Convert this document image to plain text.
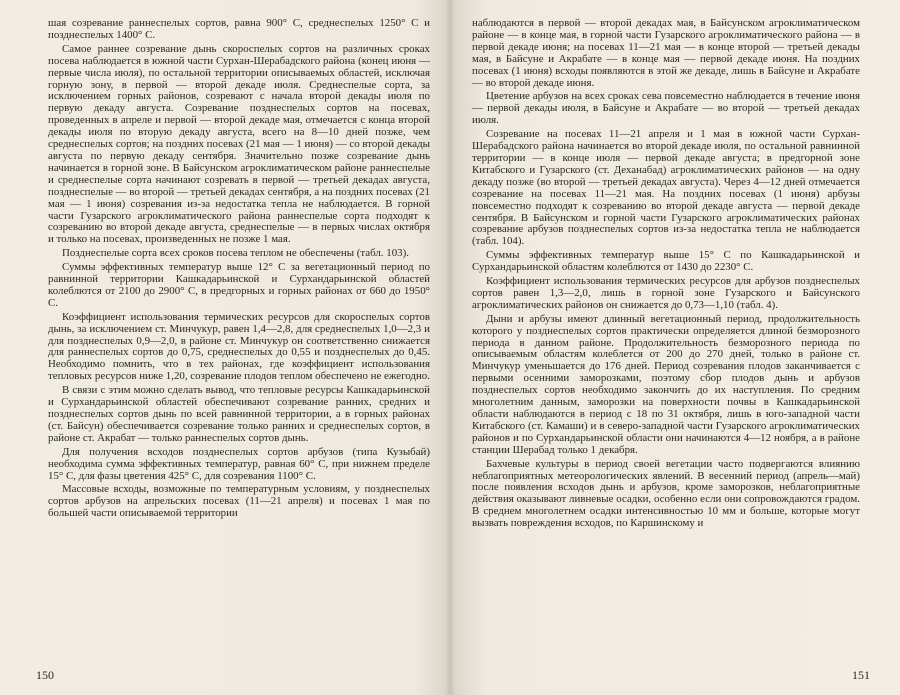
шая созревание раннеспелых сортов, равна 900° С, среднеспелых 1250° С и позднеспелых 1400° С.

Самое раннее созревание дынь скороспелых сортов на различных сроках посева наблюдается в южной части Сурхан-Шерабадского района (конец июня — первые числа июля), по остальной территории описываемых областей, исключая горную зону, в первой — второй декаде июля. Среднеспелые сорта, за исключением горных районов, созревают с начала второй декады июля по первую декаду августа. Созревание позднеспелых сортов на посевах, проведенных в апреле и первой — второй декаде мая, отмечается с конца второй декады июля по вторую декаду августа, всего на 8—10 дней позже, чем среднеспелых сортов; на поздних посевах (21 мая — 1 июня) — со второй декады августа по первую декаду сентября. Значительно позже созревание дынь начинается в горной зоне. В Байсунском агроклиматическом районе раннеспелые и среднеспелые сорта начинают созревать в первой — третьей декадах августа, позднеспелые — во второй — третьей декадах сентября, а на поздних посевах (21 мая — 1 июня) созревания из-за недостатка тепла не наблюдается. В горной части Гузарского агроклиматического района раннеспелые сорта подходят к созреванию во второй декаде августа, среднеспелые — в первых числах октября и только на посевах, произведенных не позже 1 мая.

Позднеспелые сорта всех сроков посева теплом не обеспечены (табл. 103).

Суммы эффективных температур выше 12° С за вегетационный период по равнинной территории Кашкадарьинской и Сурхандарьинской областей колеблются от 2100 до 2900° С, в предгорных и горных районах от 660 до 1950° С.

Коэффициент использования термических ресурсов для скороспелых сортов дынь, за исключением ст. Минчукур, равен 1,4—2,8, для среднеспелых 1,0—2,3 и для позднеспелых 0,9—2,0, в районе ст. Минчукур он соответственно снижается для раннеспелых сортов до 0,75, среднеспелых до 0,55 и позднеспелых до 0,45. Необходимо помнить, что в тех районах, где коэффициент использования тепловых ресурсов ниже 1,20, созревание плодов теплом обеспечено не ежегодно.

В связи с этим можно сделать вывод, что тепловые ресурсы Кашкадарьинской и Сурхандарьинской областей обеспечивают созревание ранних, средних и позднеспелых сортов дынь по всей равнинной территории, а в горных районах (ст. Байсун) обеспечивается созревание только ранних и среднеспелых сортов, в районе ст. Акрабат — только раннеспелых сортов дынь.

Для получения всходов позднеспелых сортов арбузов (типа Кузыбай) необходима сумма эффективных температур, равная 60° С, при нижнем пределе 15° С, для фазы цветения 425° С, для созревания 1100° С.

Массовые всходы, возможные по температурным условиям, у позднеспелых сортов арбузов на апрельских посевах (11—21 апреля) и посевах 1 мая по большей части описываемой территории

150

наблюдаются в первой — второй декадах мая, в Байсунском агроклиматическом районе — в конце мая, в горной части Гузарского агроклиматического района — в первой декаде июня; на посевах 11—21 мая — в конце второй — третьей декады мая, в Байсуне и Акрабате — в конце мая — первой декаде июня. На поздних посевах (1 июня) всходы появляются в этой же декаде, лишь в Байсуне и Акрабате — во второй декаде июня.

Цветение арбузов на всех сроках сева повсеместно наблюдается в течение июня — первой декады июля, в Байсуне и Акрабате — во второй — третьей декадах июля.

Созревание на посевах 11—21 апреля и 1 мая в южной части Сурхан-Шерабадского района начинается во второй декаде июля, по остальной равнинной территории — в конце июля — первой декаде августа; в предгорной зоне Китабского и Гузарского (ст. Деханабад) агроклиматических районов — на одну декаду позже (во второй — третьей декадах августа). Через 4—12 дней отмечается созревание на посевах 11—21 мая. На поздних посевах (1 июня) арбузы повсеместно подходят к созреванию во второй декаде августа — первой декаде сентября. В Байсунском и горной части Гузарского агроклиматических районах созревание арбузов позднеспелых сортов из-за недостатка тепла не наблюдается (табл. 104).

Суммы эффективных температур выше 15° С по Кашкадарьинской и Сурхандарьинской областям колеблются от 1430 до 2230° С.

Коэффициент использования термических ресурсов для арбузов позднеспелых сортов равен 1,3—2,0, лишь в горной зоне Гузарского и Байсунского агроклиматических районов он снижается до 0,73—1,10 (табл. 4).

Дыни и арбузы имеют длинный вегетационный период, продолжительность которого у позднеспелых сортов практически определяется длиной безморозного периода в данном районе. Продолжительность безморозного периода по описываемым областям колеблется от 200 до 270 дней, только в районе ст. Минчукур уменьшается до 176 дней. Период созревания плодов заканчивается с первыми осенними заморозками, поэтому сбор плодов дынь и арбузов позднеспелых сортов необходимо закончить до их наступления. По средним многолетним данным, заморозки на поверхности почвы в Кашкадарьинской области наблюдаются в период с 18 по 31 октября, лишь в юго-западной части Китабского (ст. Камаши) и в северо-западной части Гузарского агроклиматических районов и по Сурхандарьинской области они начинаются 4—12 ноября, а в районе станции Шерабад только 1 декабря.

Бахчевые культуры в период своей вегетации часто подвергаются влиянию неблагоприятных метеорологических явлений. В весенний период (апрель—май) после появления всходов дынь и арбузов, кроме заморозков, неблагоприятные действия оказывают ливневые осадки, особенно если они сопровождаются градом. В среднем многолетнем осадки интенсивностью 10 мм и больше, которые могут вызвать повреждения всходов, по Каршинскому и

151
